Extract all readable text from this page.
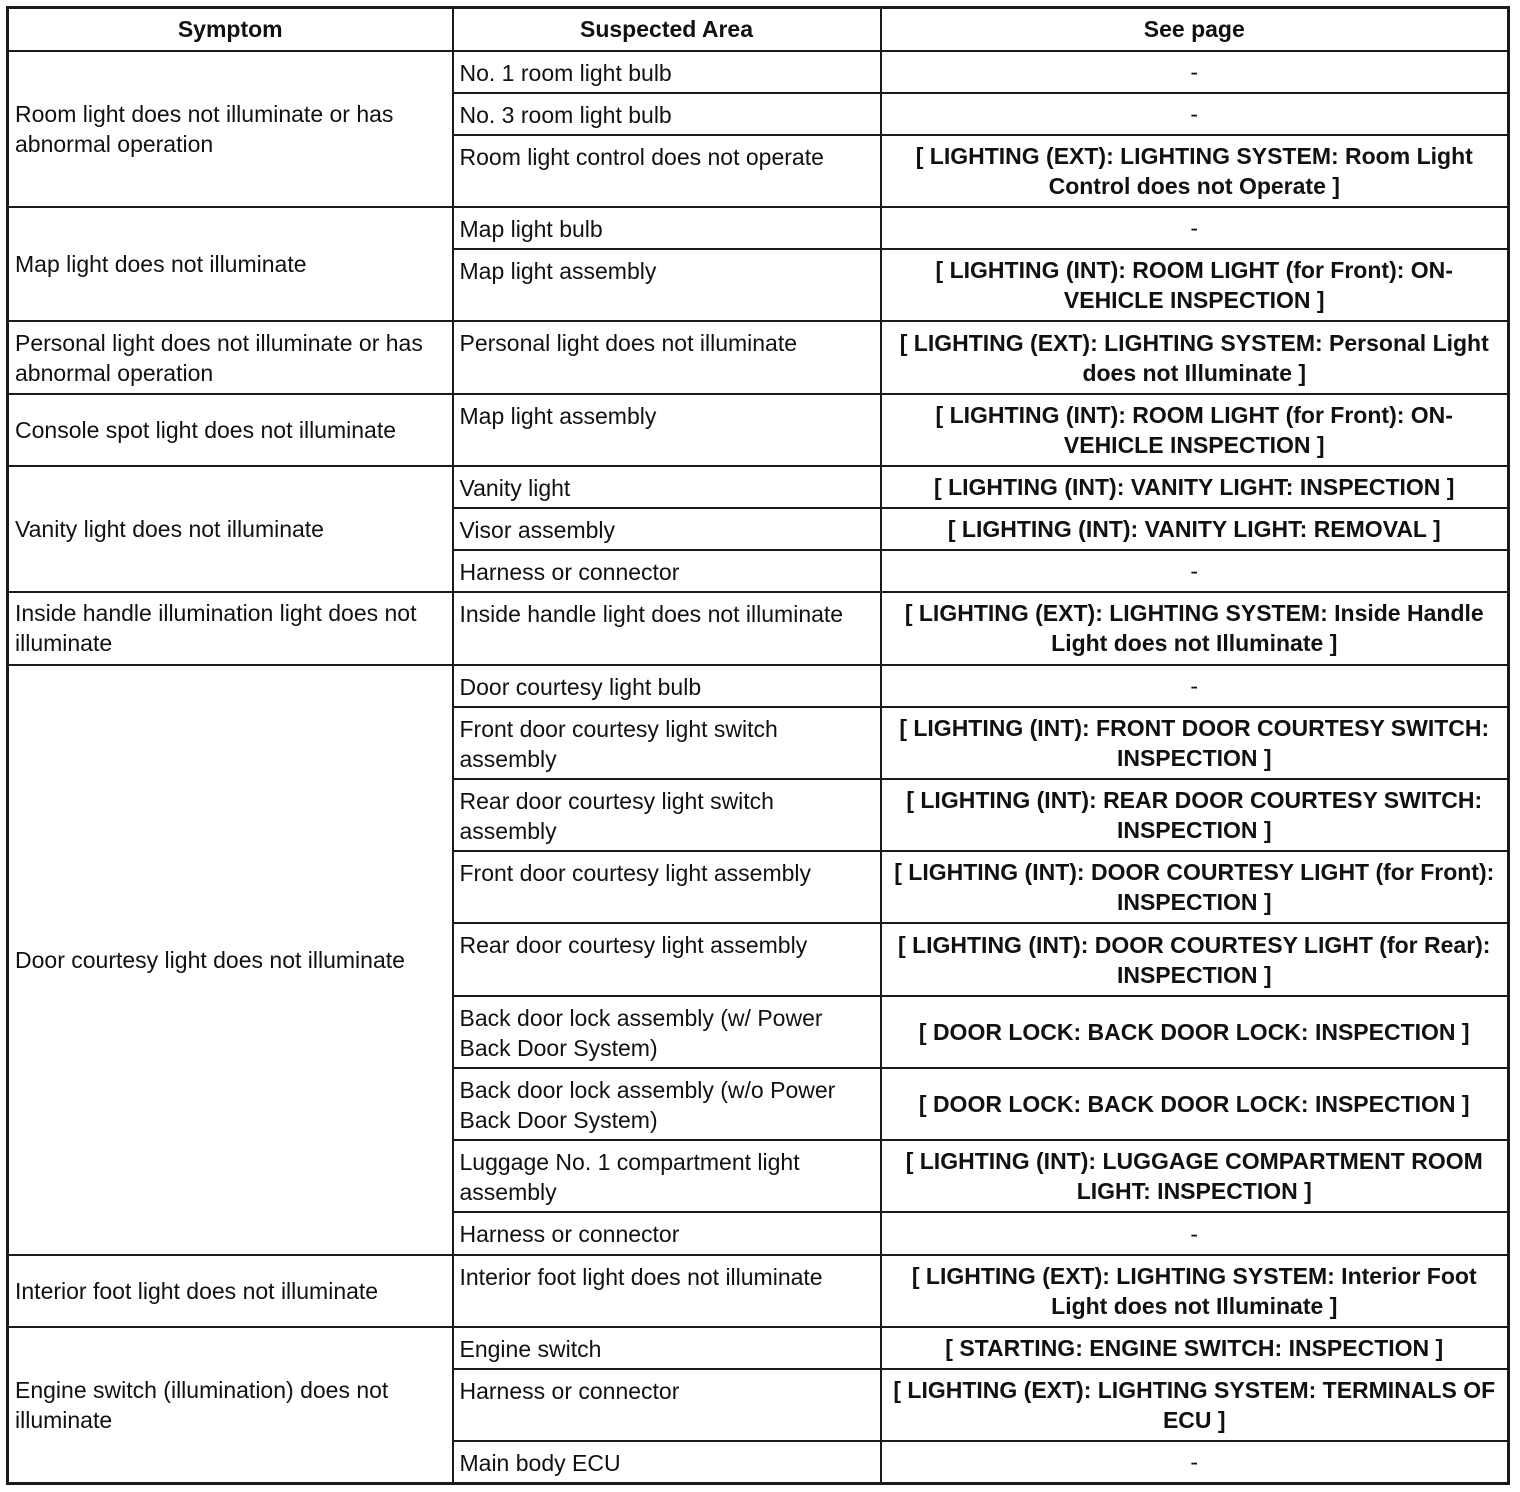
Symptom	Suspected Area	See page
Room light does not illuminate or has abnormal operation	No. 1 room light bulb	-
	No. 3 room light bulb	-
	Room light control does not operate	[ LIGHTING (EXT): LIGHTING SYSTEM: Room Light Control does not Operate ]
Map light does not illuminate	Map light bulb	-
	Map light assembly	[ LIGHTING (INT): ROOM LIGHT (for Front): ON-VEHICLE INSPECTION ]
Personal light does not illuminate or has abnormal operation	Personal light does not illuminate	[ LIGHTING (EXT): LIGHTING SYSTEM: Personal Light does not Illuminate ]
Console spot light does not illuminate	Map light assembly	[ LIGHTING (INT): ROOM LIGHT (for Front): ON-VEHICLE INSPECTION ]
Vanity light does not illuminate	Vanity light	[ LIGHTING (INT): VANITY LIGHT: INSPECTION ]
	Visor assembly	[ LIGHTING (INT): VANITY LIGHT: REMOVAL ]
	Harness or connector	-
Inside handle illumination light does not illuminate	Inside handle light does not illuminate	[ LIGHTING (EXT): LIGHTING SYSTEM: Inside Handle Light does not Illuminate ]
Door courtesy light does not illuminate	Door courtesy light bulb	-
	Front door courtesy light switch assembly	[ LIGHTING (INT): FRONT DOOR COURTESY SWITCH: INSPECTION ]
	Rear door courtesy light switch assembly	[ LIGHTING (INT): REAR DOOR COURTESY SWITCH: INSPECTION ]
	Front door courtesy light assembly	[ LIGHTING (INT): DOOR COURTESY LIGHT (for Front): INSPECTION ]
	Rear door courtesy light assembly	[ LIGHTING (INT): DOOR COURTESY LIGHT (for Rear): INSPECTION ]
	Back door lock assembly (w/ Power Back Door System)	[ DOOR LOCK: BACK DOOR LOCK: INSPECTION ]
	Back door lock assembly (w/o Power Back Door System)	[ DOOR LOCK: BACK DOOR LOCK: INSPECTION ]
	Luggage No. 1 compartment light assembly	[ LIGHTING (INT): LUGGAGE COMPARTMENT ROOM LIGHT: INSPECTION ]
	Harness or connector	-
Interior foot light does not illuminate	Interior foot light does not illuminate	[ LIGHTING (EXT): LIGHTING SYSTEM: Interior Foot Light does not Illuminate ]
Engine switch (illumination) does not illuminate	Engine switch	[ STARTING: ENGINE SWITCH: INSPECTION ]
	Harness or connector	[ LIGHTING (EXT): LIGHTING SYSTEM: TERMINALS OF ECU ]
	Main body ECU	-
